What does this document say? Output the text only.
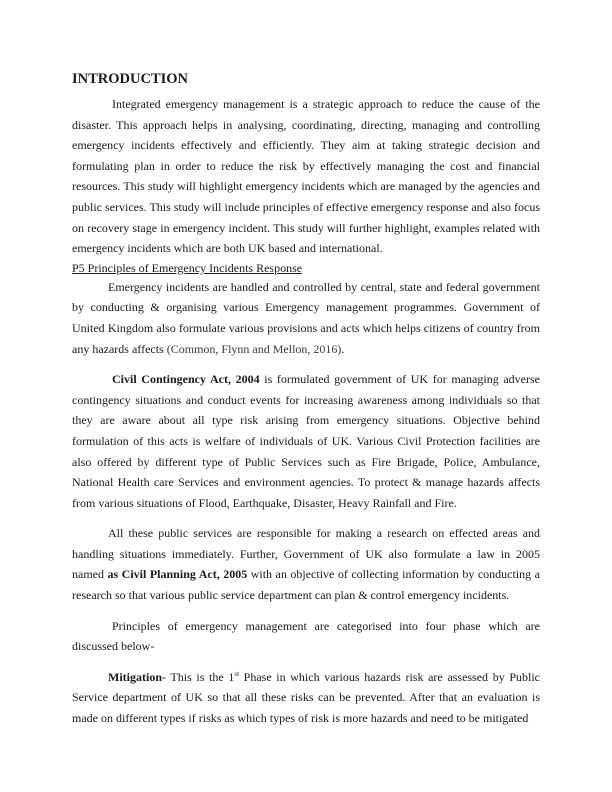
INTRODUCTION

Integrated emergency management is a strategic approach to reduce the cause of the disaster. This approach helps in analysing, coordinating, directing, managing and controlling emergency incidents effectively and efficiently. They aim at taking strategic decision and formulating plan in order to reduce the risk by effectively managing the cost and financial resources. This study will highlight emergency incidents which are managed by the agencies and public services. This study will include principles of effective emergency response and also focus on recovery stage in emergency incident. This study will further highlight, examples related with emergency incidents which are both UK based and international.

P5 Principles of Emergency Incidents Response

Emergency incidents are handled and controlled by central, state and federal government by conducting & organising various Emergency management programmes. Government of United Kingdom also formulate various provisions and acts which helps citizens of country from any hazards affects (Common, Flynn and Mellon, 2016).

Civil Contingency Act, 2004 is formulated government of UK for managing adverse contingency situations and conduct events for increasing awareness among individuals so that they are aware about all type risk arising from emergency situations. Objective behind formulation of this acts is welfare of individuals of UK. Various Civil Protection facilities are also offered by different type of Public Services such as Fire Brigade, Police, Ambulance, National Health care Services and environment agencies. To protect & manage hazards affects from various situations of Flood, Earthquake, Disaster, Heavy Rainfall and Fire.

All these public services are responsible for making a research on effected areas and handling situations immediately. Further, Government of UK also formulate a law in 2005 named as Civil Planning Act, 2005 with an objective of collecting information by conducting a research so that various public service department can plan & control emergency incidents.

Principles of emergency management are categorised into four phase which are discussed below-

Mitigation- This is the 1st Phase in which various hazards risk are assessed by Public Service department of UK so that all these risks can be prevented. After that an evaluation is made on different types if risks as which types of risk is more hazards and need to be mitigated
